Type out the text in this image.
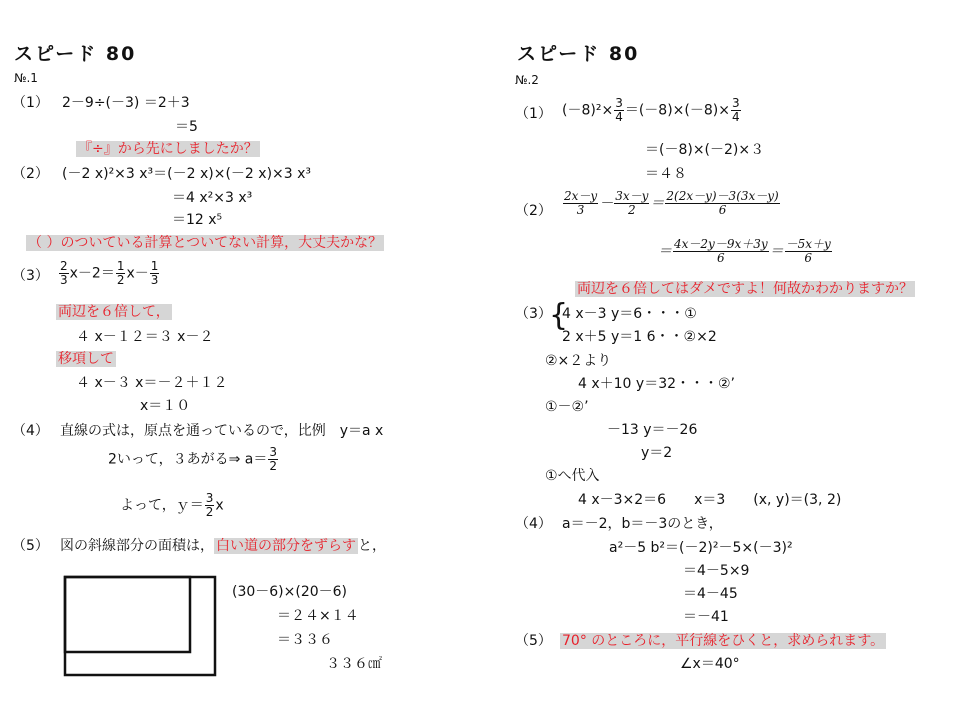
スピード 80
№.1
（1） 2－9÷(－3) ＝2＋3
＝5
『÷』から先にしましたか？
（2） (－2 x)²×3 x³＝(－2 x)×(－2 x)×3 x³
＝4 x²×3 x³
＝12 x⁵
（ ）のついている計算とついてない計算，大丈夫かな？
$(3) \frac{2}{3} x-2= \frac{1}{2} x- \frac{1}{3}$
両辺を６倍して，
４ x－１２＝３ x－２
移項して
４ x－３ x＝－２＋１２
x＝１０
（4） 直線の式は，原点を通っているので，比例　y＝a x
2いって，３あがる⇒ $a= \frac{3}{2}$
よって，ｙ＝ $\frac{3}{2}$ x
（5） 図の斜線部分の面積は， 白い道の部分をずらす と，
(30－6)×(20－6)
＝２４×１４
＝３３６
３３６㎠
スピード 80
№.2
（1） $(-8)^2\times \frac{3}{4} =(-8)\times(-8)\times \frac{3}{4}$
＝(－8)×(－2)×３
＝４８
$(2) \frac{2x-y}{3} - \frac{3x-y}{2} = \frac{2(2x-y)-3(3x-y)}{6}$
＝ $\frac{4x-2y-9x+3y}{6} = \frac{-5x+y}{6}$
両辺を６倍してはダメですよ！何故かわかりますか？
（3）
{
4 x－3 y＝6・・・①
2 x＋5 y＝1 6・・②×2
②×２より
4 x＋10 y＝32・・・②’
①－②’
－13 y＝－26
y＝2
①へ代入
4 x－3×2＝6　　x＝3　　(x, y)＝(3, 2)
（4） a＝－2，b＝－3のとき，
a²－5 b²＝(－2)²－5×(－3)²
＝4－5×9
＝4－45
＝－41
（5） 70° のところに，平行線をひくと，求められます。
∠x＝40°
